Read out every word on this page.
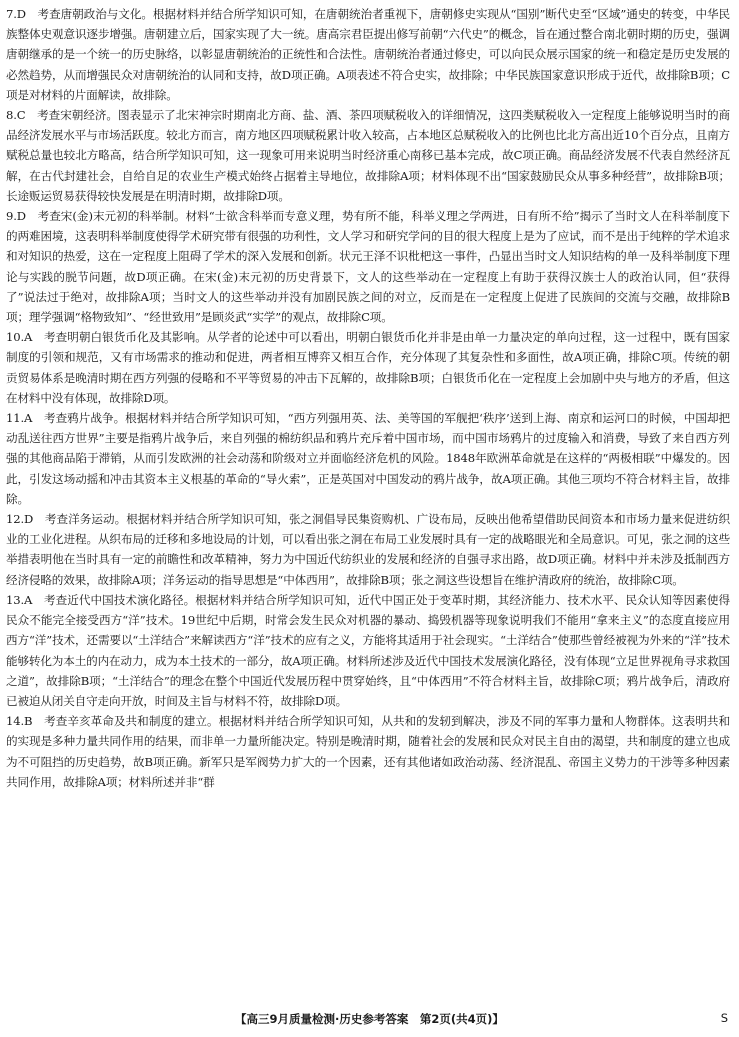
7.D　考查唐朝政治与文化。根据材料并结合所学知识可知，在唐朝统治者重视下，唐朝修史实现从“国别”断代史至“区域”通史的转变，中华民族整体史观意识逐步增强。唐朝建立后，国家实现了大一统。唐高宗君臣提出修写前朝“六代史”的概念，旨在通过整合南北朝时期的历史，强调唐朝继承的是一个统一的历史脉络，以彰显唐朝统治的正统性和合法性。唐朝统治者通过修史，可以向民众展示国家的统一和稳定是历史发展的必然趋势，从而增强民众对唐朝统治的认同和支持，故D项正确。A项表述不符合史实，故排除；中华民族国家意识形成于近代，故排除B项；C项是对材料的片面解读，故排除。

8.C　考查宋朝经济。图表显示了北宋神宗时期南北方商、盐、酒、茶四项赋税收入的详细情况，这四类赋税收入一定程度上能够说明当时的商品经济发展水平与市场活跃度。较北方而言，南方地区四项赋税累计收入较高，占本地区总赋税收入的比例也比北方高出近10个百分点，且南方赋税总量也较北方略高，结合所学知识可知，这一现象可用来说明当时经济重心南移已基本完成，故C项正确。商品经济发展不代表自然经济瓦解，在古代封建社会，自给自足的农业生产模式始终占据着主导地位，故排除A项；材料体现不出“国家鼓励民众从事多种经营”，故排除B项；长途贩运贸易获得较快发展是在明清时期，故排除D项。

9.D　考查宋(金)末元初的科举制。材料“士欲含科举而专意义理，势有所不能，科举义理之学两进，日有所不给”揭示了当时文人在科举制度下的两难困境，这表明科举制度使得学术研究带有很强的功利性，文人学习和研究学问的目的很大程度上是为了应试，而不是出于纯粹的学术追求和对知识的热爱，这在一定程度上阻碍了学术的深入发展和创新。状元王泽不识枇杷这一事件，凸显出当时文人知识结构的单一及科举制度下理论与实践的脱节问题，故D项正确。在宋(金)末元初的历史背景下，文人的这些举动在一定程度上有助于获得汉族士人的政治认同，但“获得了”说法过于绝对，故排除A项；当时文人的这些举动并没有加剧民族之间的对立，反而是在一定程度上促进了民族间的交流与交融，故排除B项；理学强调“格物致知”、“经世致用”是顾炎武“实学”的观点，故排除C项。

10.A　考查明朝白银货币化及其影响。从学者的论述中可以看出，明朝白银货币化并非是由单一力量决定的单向过程，这一过程中，既有国家制度的引领和规范，又有市场需求的推动和促进，两者相互博弈又相互合作，充分体现了其复杂性和多面性，故A项正确，排除C项。传统的朝贡贸易体系是晚清时期在西方列强的侵略和不平等贸易的冲击下瓦解的，故排除B项；白银货币化在一定程度上会加剧中央与地方的矛盾，但这在材料中没有体现，故排除D项。

11.A　考查鸦片战争。根据材料并结合所学知识可知，“西方列强用英、法、美等国的军舰把‘秩序’送到上海、南京和运河口的时候，中国却把动乱送往西方世界”主要是指鸦片战争后，来自列强的棉纺织品和鸦片充斥着中国市场，而中国市场鸦片的过度输入和消费，导致了来自西方列强的其他商品陷于滞销，从而引发欧洲的社会动荡和阶级对立并面临经济危机的风险。1848年欧洲革命就是在这样的“两极相联”中爆发的。因此，引发这场动摇和冲击其资本主义根基的革命的“导火索”，正是英国对中国发动的鸦片战争，故A项正确。其他三项均不符合材料主旨，故排除。

12.D　考查洋务运动。根据材料并结合所学知识可知，张之洞倡导民集资购机、广设布局，反映出他希望借助民间资本和市场力量来促进纺织业的工业化进程。从织布局的迁移和多地设局的计划，可以看出张之洞在布局工业发展时具有一定的战略眼光和全局意识。可见，张之洞的这些举措表明他在当时具有一定的前瞻性和改革精神，努力为中国近代纺织业的发展和经济的自强寻求出路，故D项正确。材料中并未涉及抵制西方经济侵略的效果，故排除A项；洋务运动的指导思想是“中体西用”，故排除B项；张之洞这些设想旨在维护清政府的统治，故排除C项。

13.A　考查近代中国技术演化路径。根据材料并结合所学知识可知，近代中国正处于变革时期，其经济能力、技术水平、民众认知等因素使得民众不能完全接受西方“洋”技术。19世纪中后期，时常会发生民众对机器的暴动、捣毁机器等现象说明我们不能用“拿来主义”的态度直接应用西方“洋”技术，还需要以“土洋结合”来解读西方“洋”技术的应有之义，方能将其适用于社会现实。“土洋结合”使那些曾经被视为外来的“洋”技术能够转化为本土的内在动力，成为本土技术的一部分，故A项正确。材料所述涉及近代中国技术发展演化路径，没有体现“立足世界视角寻求救国之道”，故排除B项；“土洋结合”的理念在整个中国近代发展历程中贯穿始终，且“中体西用”不符合材料主旨，故排除C项；鸦片战争后，清政府已被迫从闭关自守走向开放，时间及主旨与材料不符，故排除D项。

14.B　考查辛亥革命及共和制度的建立。根据材料并结合所学知识可知，从共和的发轫到解决，涉及不同的军事力量和人物群体。这表明共和的实现是多种力量共同作用的结果，而非单一力量所能决定。特别是晚清时期，随着社会的发展和民众对民主自由的渴望，共和制度的建立也成为不可阻挡的历史趋势，故B项正确。新军只是军阀势力扩大的一个因素，还有其他诸如政治动荡、经济混乱、帝国主义势力的干涉等多种因素共同作用，故排除A项；材料所述并非“群

【高三9月质量检测·历史参考答案　第2页(共4页)】	S
